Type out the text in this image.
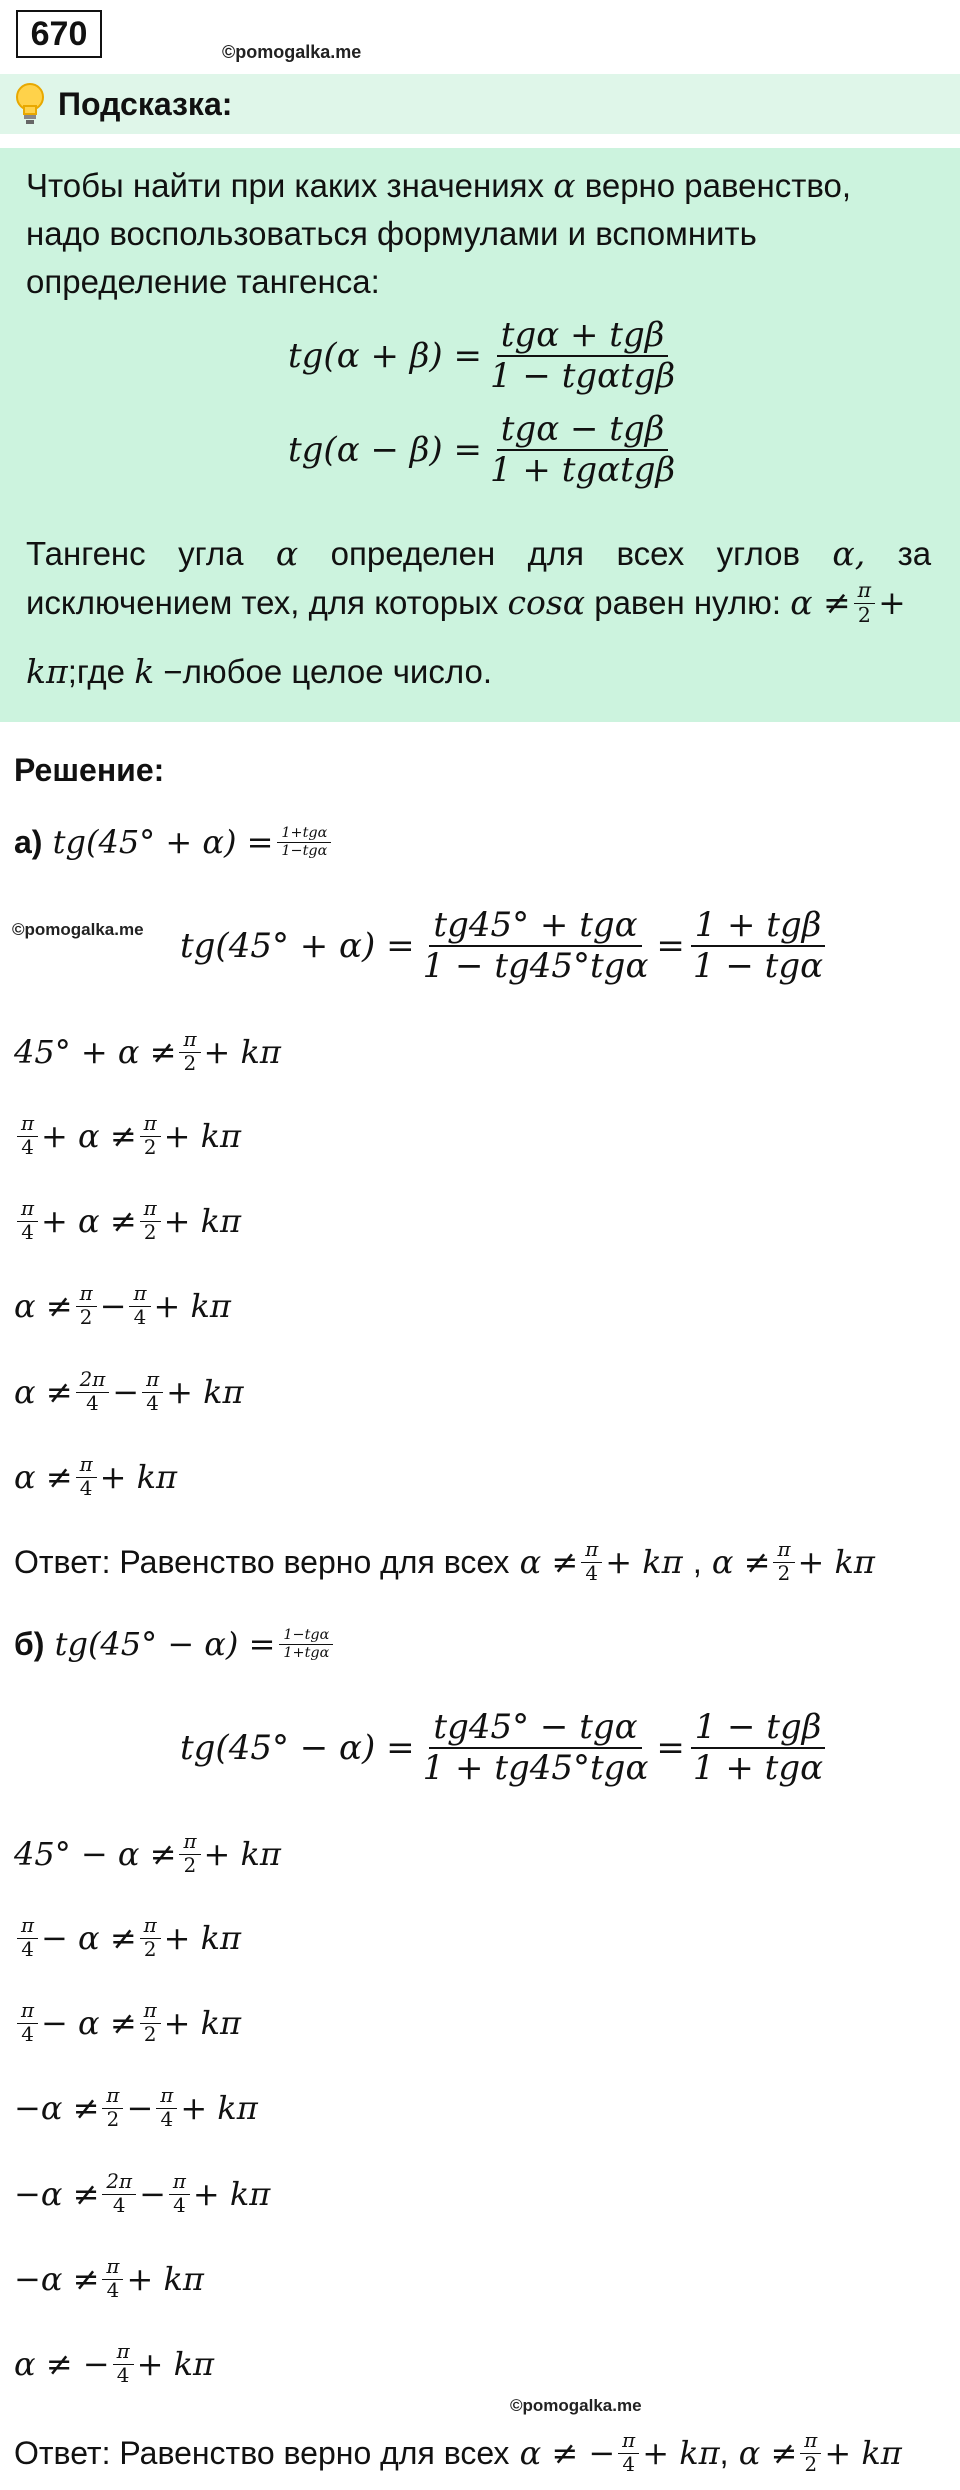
670	©pomogalka.me
Подсказка:
Чтобы найти при каких значениях α верно равенство,
надо воспользоваться формулами и вспомнить
определение тангенса:
$tg(\alpha + \beta) = \frac{\text{tgα + tgβ}}{\text{1 − tgαtgβ}}$
$tg(\alpha - \beta) = \frac{\text{tgα − tgβ}}{\text{1 + tgαtgβ}}$
Тангенс угла α определен для всех углов α, за
исключением тех, для которых
cosα
равен нулю:
$\alpha \ne \frac{\pi}{2}$ +
kπ;где k −любое целое число.
Решение:
а)
$tg(45^\circ + \alpha) = \frac{\text{1+tgα}}{\text{1−tgα}}$
©pomogalka.me $tg(45^\circ + \alpha) = \frac{\text{tg45° + tgα}}{\text{1 − tg45°tgα}} = \frac{\text{1 + tgβ}}{\text{1 − tgα}}$
$45^\circ + \alpha \ne \frac{\pi}{2} + k\pi$
$\frac{\pi}{4} + \alpha \ne \frac{\pi}{2} + k\pi$
$\frac{\pi}{4} + \alpha \ne \frac{\pi}{2} + k\pi$
$\alpha \ne \frac{\pi}{2} - \frac{\pi}{4} + k\pi$
$\alpha \ne \frac{2\pi}{4} - \frac{\pi}{4} + k\pi$
$\alpha \ne \frac{\pi}{4} + k\pi$
Ответ: Равенство верно для всех
$\alpha \ne \frac{\pi}{4} + k\pi$
,
$\alpha \ne \frac{\pi}{2} + k\pi$
б)
$tg(45^\circ - \alpha) = \frac{\text{1−tgα}}{\text{1+tgα}}$
$tg(45^\circ - \alpha) = \frac{\text{tg45° − tgα}}{\text{1 + tg45°tgα}} = \frac{\text{1 − tgβ}}{\text{1 + tgα}}$
$45^\circ - \alpha \ne \frac{\pi}{2} + k\pi$
$\frac{\pi}{4} - \alpha \ne \frac{\pi}{2} + k\pi$
$\frac{\pi}{4} - \alpha \ne \frac{\pi}{2} + k\pi$
$-\alpha \ne \frac{\pi}{2} - \frac{\pi}{4} + k\pi$
$-\alpha \ne \frac{2\pi}{4} - \frac{\pi}{4} + k\pi$
$-\alpha \ne \frac{\pi}{4} + k\pi$
α ≠ − $\frac{\pi}{4} + k\pi$
©pomogalka.me
Ответ: Равенство верно для всех
α ≠ − $\frac{\pi}{4} + k\pi$ ,
$\alpha \ne \frac{\pi}{2} + k\pi$
